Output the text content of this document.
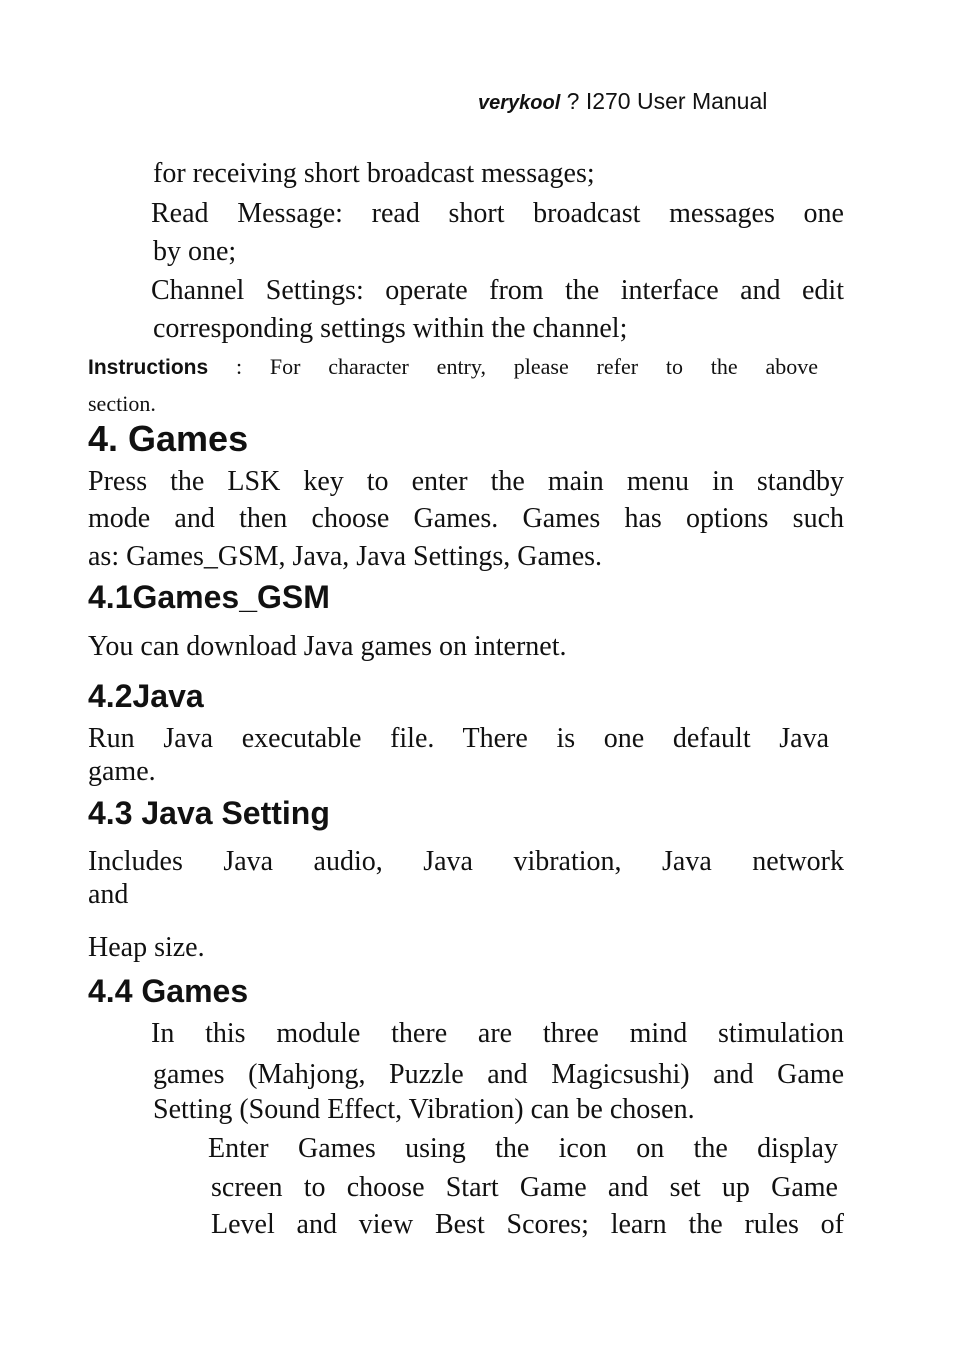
verykool ? I270 User Manual
for receiving short broadcast messages;
Read Message: read short broadcast messages one
by one;
Channel Settings: operate from the interface and edit
corresponding settings within the channel;
Instructions : For character entry, please refer to the above
section.
4. Games
Press the LSK key to enter the main menu in standby
mode and then choose Games. Games has options such
as: Games_GSM, Java, Java Settings, Games.
4.1Games_GSM
You can download Java games on internet.
4.2Java
Run Java executable file. There is one default Java
game.
4.3 Java Setting
Includes Java audio, Java vibration, Java network
and
Heap size.
4.4 Games
In this module there are three mind stimulation
games (Mahjong, Puzzle and Magicsushi) and Game
Setting (Sound Effect, Vibration) can be chosen.
Enter Games using the icon on the display
screen to choose Start Game and set up Game
Level and view Best Scores; learn the rules of
